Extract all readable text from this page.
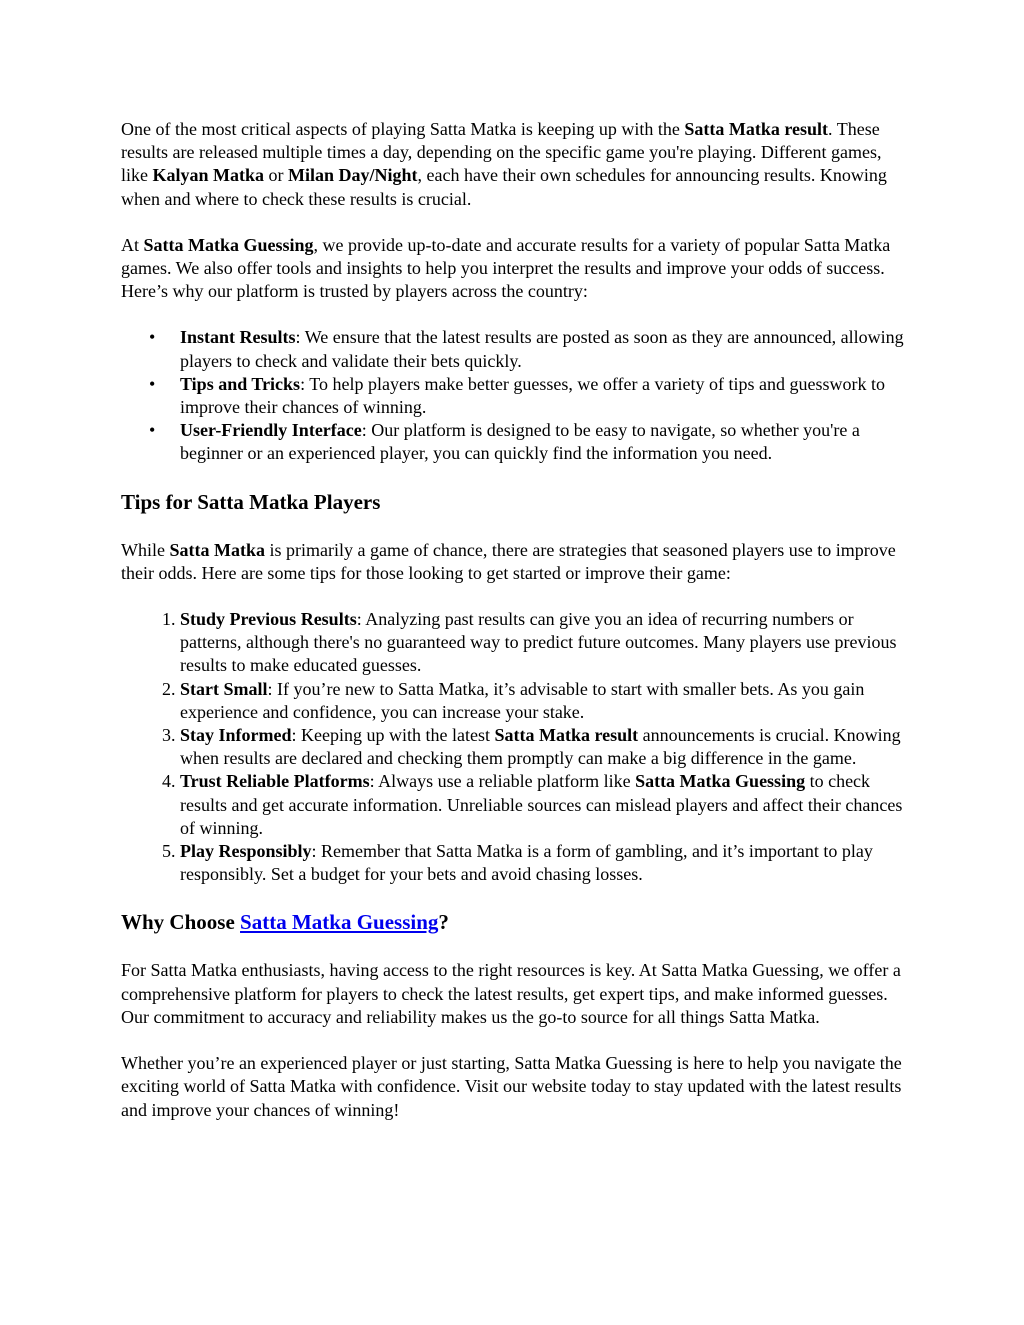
One of the most critical aspects of playing Satta Matka is keeping up with the Satta Matka result. These results are released multiple times a day, depending on the specific game you're playing. Different games, like Kalyan Matka or Milan Day/Night, each have their own schedules for announcing results. Knowing when and where to check these results is crucial.

At Satta Matka Guessing, we provide up-to-date and accurate results for a variety of popular Satta Matka games. We also offer tools and insights to help you interpret the results and improve your odds of success. Here’s why our platform is trusted by players across the country:

• Instant Results: We ensure that the latest results are posted as soon as they are announced, allowing players to check and validate their bets quickly.
• Tips and Tricks: To help players make better guesses, we offer a variety of tips and guesswork to improve their chances of winning.
• User-Friendly Interface: Our platform is designed to be easy to navigate, so whether you're a beginner or an experienced player, you can quickly find the information you need.
Tips for Satta Matka Players

While Satta Matka is primarily a game of chance, there are strategies that seasoned players use to improve their odds. Here are some tips for those looking to get started or improve their game:

1. Study Previous Results: Analyzing past results can give you an idea of recurring numbers or patterns, although there's no guaranteed way to predict future outcomes. Many players use previous results to make educated guesses.
2. Start Small: If you’re new to Satta Matka, it’s advisable to start with smaller bets. As you gain experience and confidence, you can increase your stake.
3. Stay Informed: Keeping up with the latest Satta Matka result announcements is crucial. Knowing when results are declared and checking them promptly can make a big difference in the game.
4. Trust Reliable Platforms: Always use a reliable platform like Satta Matka Guessing to check results and get accurate information. Unreliable sources can mislead players and affect their chances of winning.
5. Play Responsibly: Remember that Satta Matka is a form of gambling, and it’s important to play responsibly. Set a budget for your bets and avoid chasing losses.
Why Choose Satta Matka Guessing?

For Satta Matka enthusiasts, having access to the right resources is key. At Satta Matka Guessing, we offer a comprehensive platform for players to check the latest results, get expert tips, and make informed guesses. Our commitment to accuracy and reliability makes us the go-to source for all things Satta Matka.

Whether you’re an experienced player or just starting, Satta Matka Guessing is here to help you navigate the exciting world of Satta Matka with confidence. Visit our website today to stay updated with the latest results and improve your chances of winning!
